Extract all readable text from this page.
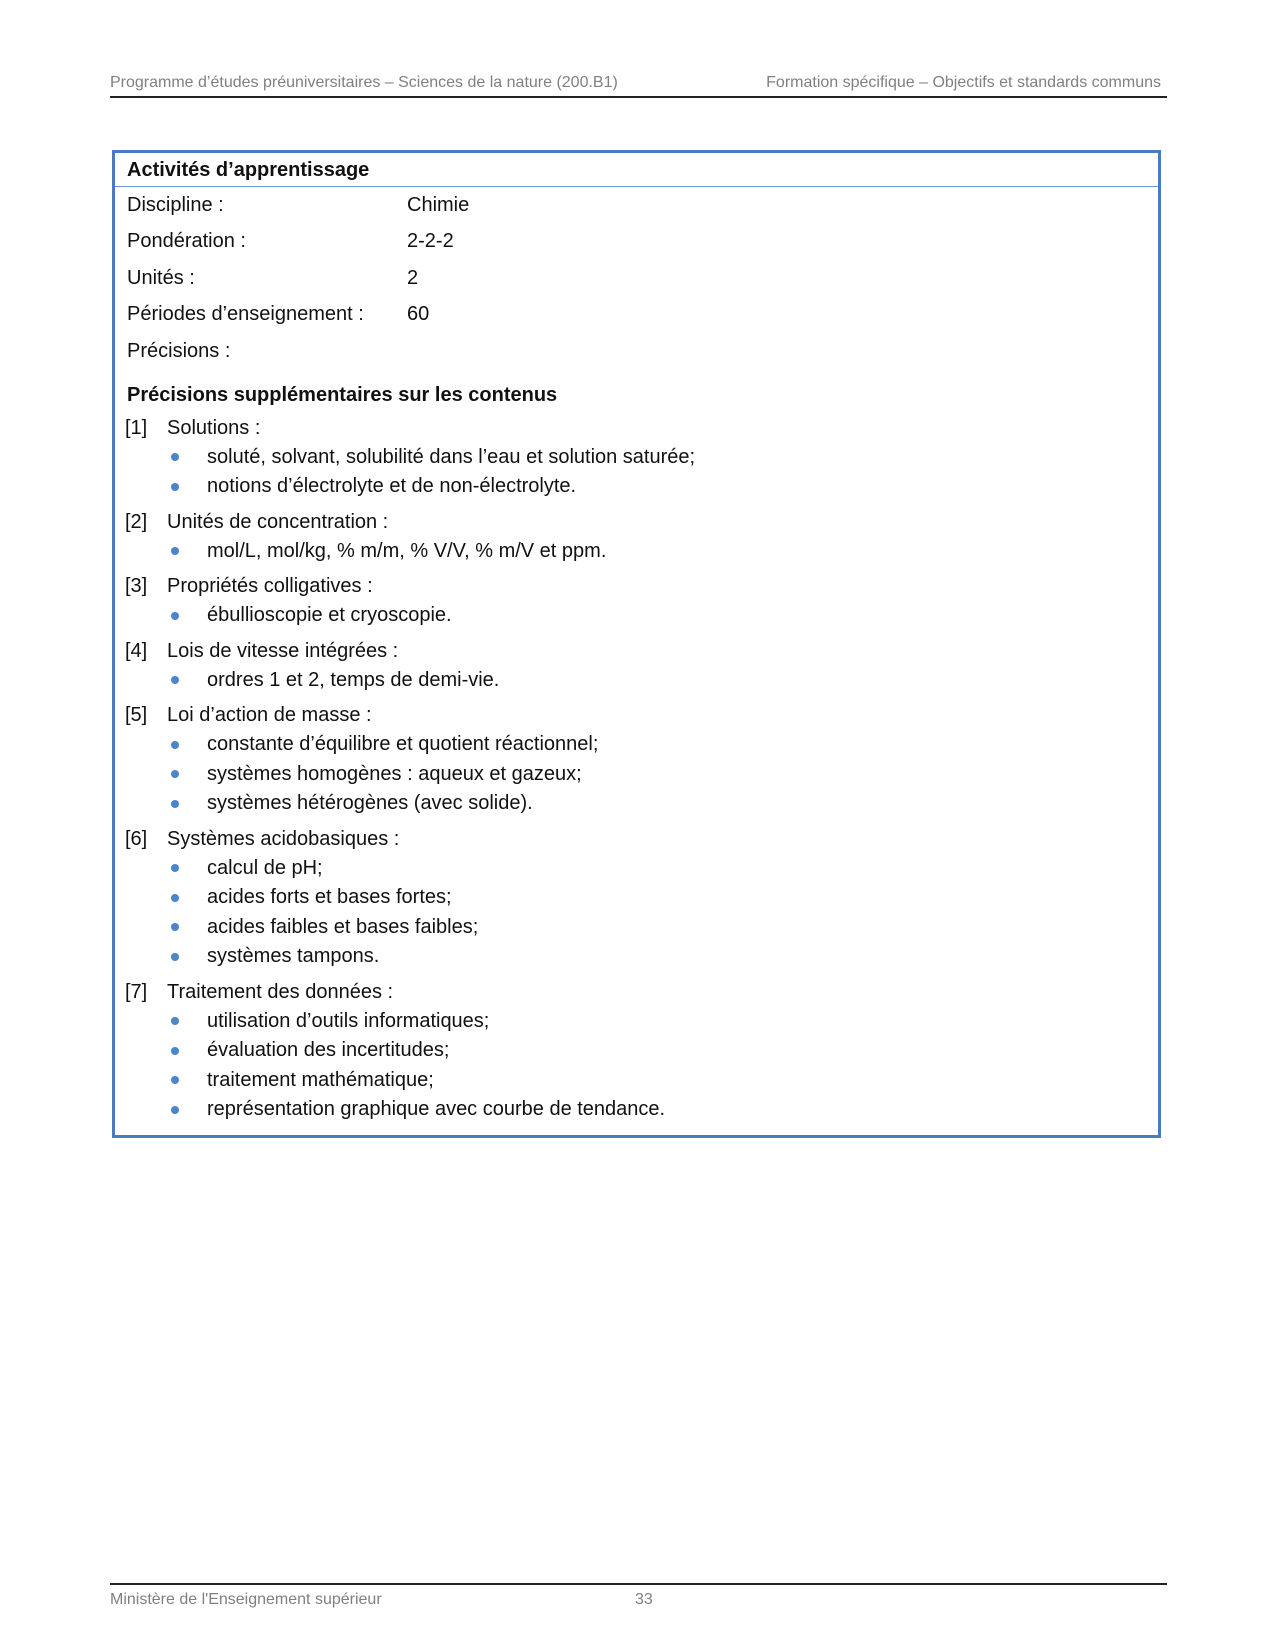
Programme d’études préuniversitaires – Sciences de la nature (200.B1)	Formation spécifique – Objectifs et standards communs
Activités d’apprentissage
Discipline :	Chimie
Pondération :	2-2-2
Unités :	2
Périodes d’enseignement :	60
Précisions :
Précisions supplémentaires sur les contenus
[1] Solutions :
soluté, solvant, solubilité dans l’eau et solution saturée;
notions d’électrolyte et de non-électrolyte.
[2] Unités de concentration :
mol/L, mol/kg, % m/m, % V/V, % m/V et ppm.
[3] Propriétés colligatives :
ébullioscopie et cryoscopie.
[4] Lois de vitesse intégrées :
ordres 1 et 2, temps de demi-vie.
[5] Loi d’action de masse :
constante d’équilibre et quotient réactionnel;
systèmes homogènes : aqueux et gazeux;
systèmes hétérogènes (avec solide).
[6] Systèmes acidobasiques :
calcul de pH;
acides forts et bases fortes;
acides faibles et bases faibles;
systèmes tampons.
[7] Traitement des données :
utilisation d’outils informatiques;
évaluation des incertitudes;
traitement mathématique;
représentation graphique avec courbe de tendance.
Ministère de l'Enseignement supérieur	33
